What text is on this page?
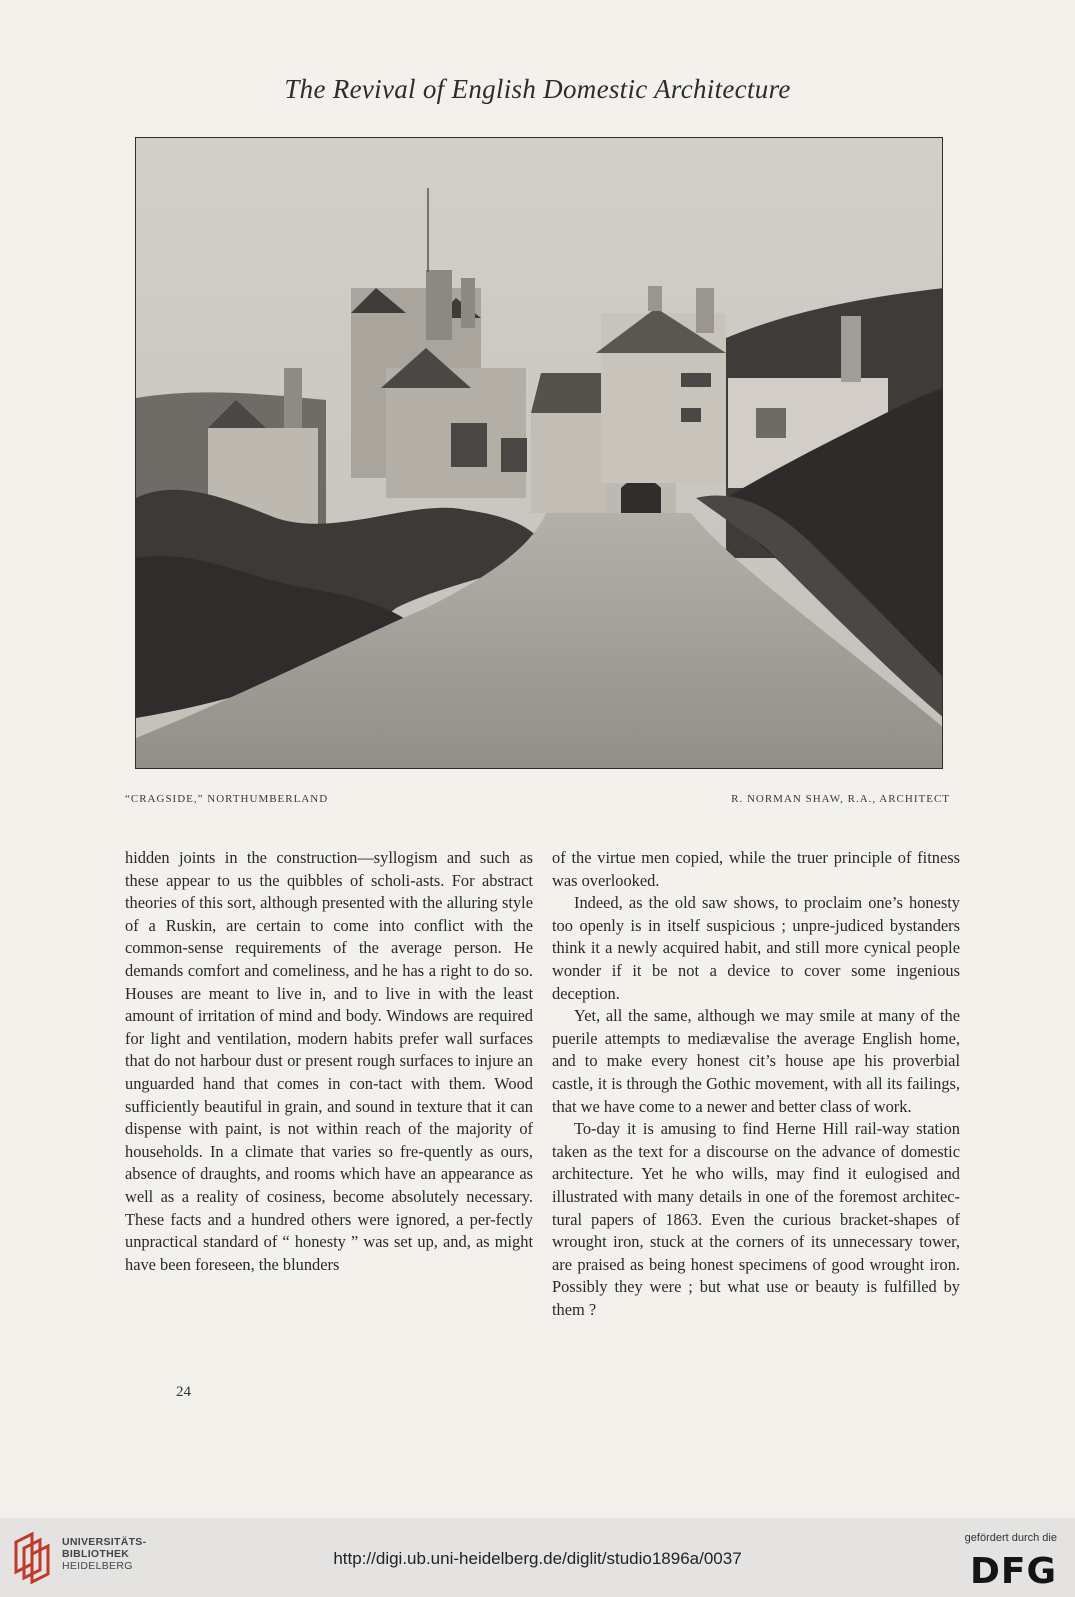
The Revival of English Domestic Architecture
“CRAGSIDE,” NORTHUMBERLAND	R. NORMAN SHAW, R.A., ARCHITECT

hidden joints in the construction—syllogism and such as these appear to us the quibbles of scholi-asts. For abstract theories of this sort, although presented with the alluring style of a Ruskin, are certain to come into conflict with the common-sense requirements of the average person. He demands comfort and comeliness, and he has a right to do so. Houses are meant to live in, and to live in with the least amount of irritation of mind and body. Windows are required for light and ventilation, modern habits prefer wall surfaces that do not harbour dust or present rough surfaces to injure an unguarded hand that comes in con-tact with them. Wood sufficiently beautiful in grain, and sound in texture that it can dispense with paint, is not within reach of the majority of households. In a climate that varies so fre-quently as ours, absence of draughts, and rooms which have an appearance as well as a reality of cosiness, become absolutely necessary. These facts and a hundred others were ignored, a per-fectly unpractical standard of “ honesty ” was set up, and, as might have been foreseen, the blunders

of the virtue men copied, while the truer principle of fitness was overlooked.

Indeed, as the old saw shows, to proclaim one’s honesty too openly is in itself suspicious ; unpre-judiced bystanders think it a newly acquired habit, and still more cynical people wonder if it be not a device to cover some ingenious deception.

Yet, all the same, although we may smile at many of the puerile attempts to mediævalise the average English home, and to make every honest cit’s house ape his proverbial castle, it is through the Gothic movement, with all its failings, that we have come to a newer and better class of work.

To-day it is amusing to find Herne Hill rail-way station taken as the text for a discourse on the advance of domestic architecture. Yet he who wills, may find it eulogised and illustrated with many details in one of the foremost architec-tural papers of 1863. Even the curious bracket-shapes of wrought iron, stuck at the corners of its unnecessary tower, are praised as being honest specimens of good wrought iron. Possibly they were ; but what use or beauty is fulfilled by them ?

24
UNIVERSITÄTS-
BIBLIOTHEK
HEIDELBERG	http://digi.ub.uni-heidelberg.de/diglit/studio1896a/0037
gefördert durch die
DFG
